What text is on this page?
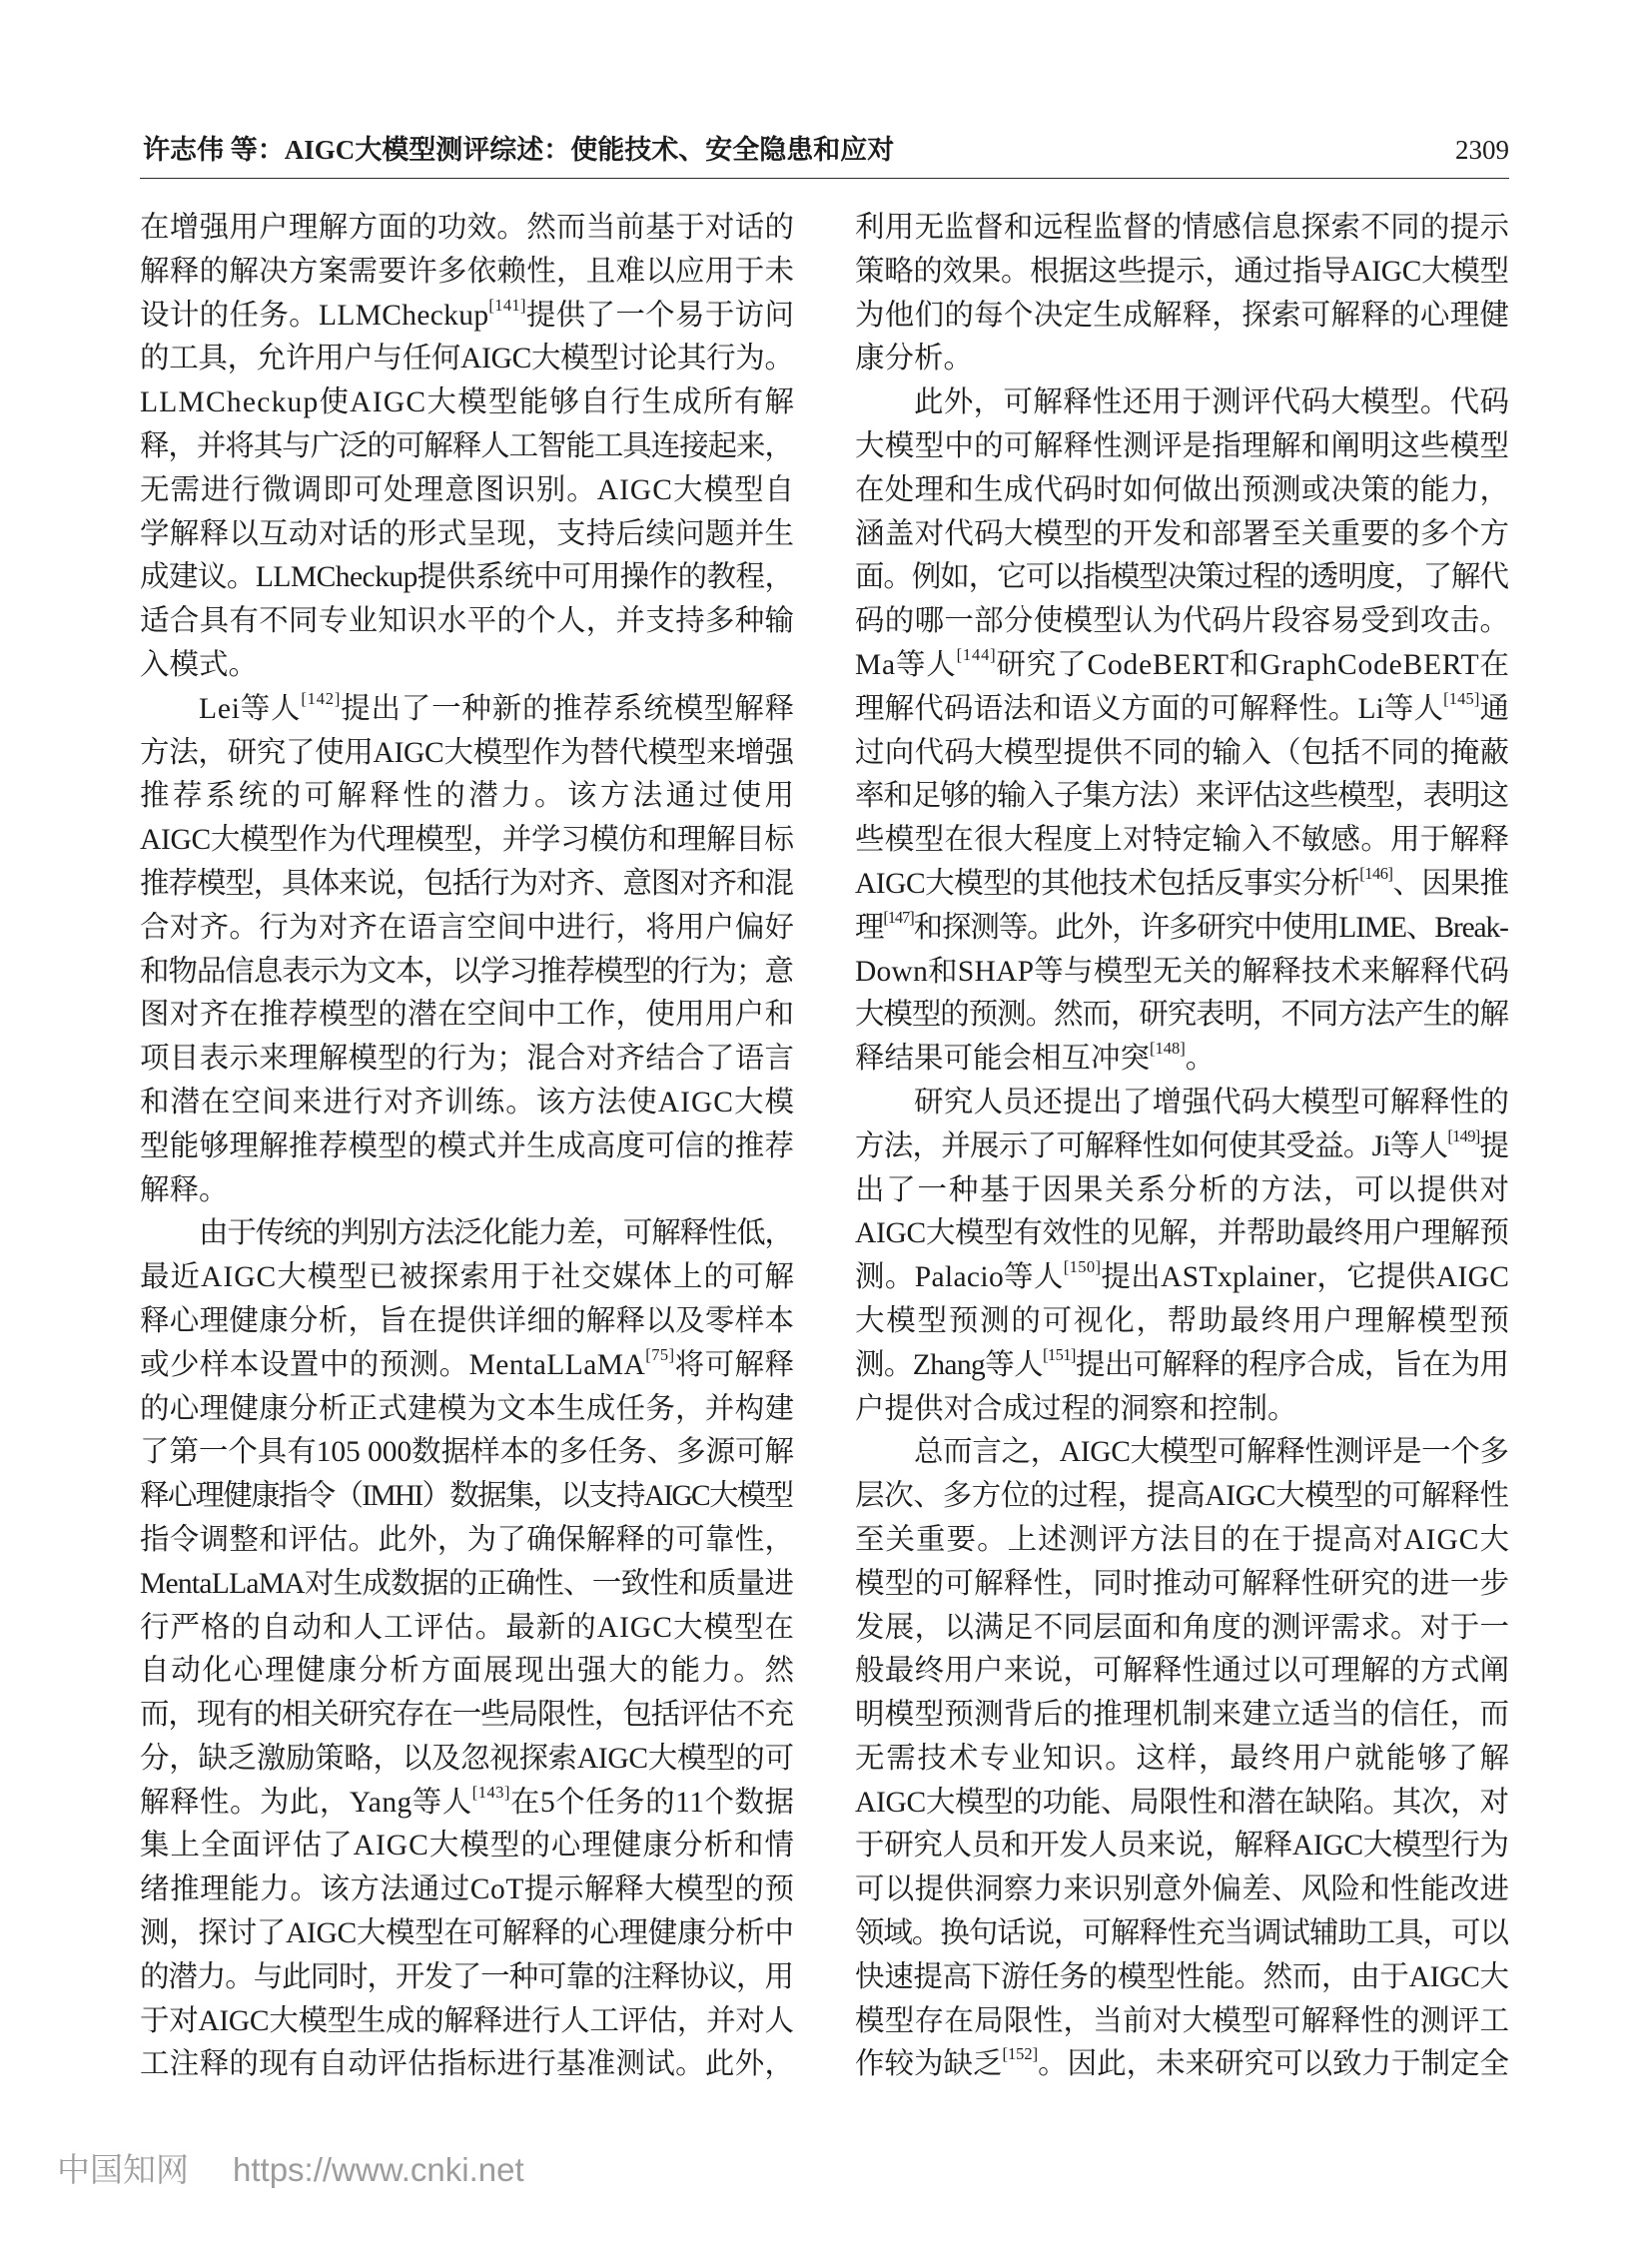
许志伟 等：AIGC大模型测评综述：使能技术、安全隐患和应对	2309
在增强用户理解方面的功效。然而当前基于对话的
解释的解决方案需要许多依赖性，且难以应用于未
设计的任务。LLMCheckup[141]提供了一个易于访问
的工具，允许用户与任何AIGC大模型讨论其行为。
LLMCheckup使AIGC大模型能够自行生成所有解
释，并将其与广泛的可解释人工智能工具连接起来，
无需进行微调即可处理意图识别。AIGC大模型自
学解释以互动对话的形式呈现，支持后续问题并生
成建议。LLMCheckup提供系统中可用操作的教程，
适合具有不同专业知识水平的个人，并支持多种输
入模式。
Lei等人[142]提出了一种新的推荐系统模型解释
方法，研究了使用AIGC大模型作为替代模型来增强
推荐系统的可解释性的潜力。该方法通过使用
AIGC大模型作为代理模型，并学习模仿和理解目标
推荐模型，具体来说，包括行为对齐、意图对齐和混
合对齐。行为对齐在语言空间中进行，将用户偏好
和物品信息表示为文本，以学习推荐模型的行为；意
图对齐在推荐模型的潜在空间中工作，使用用户和
项目表示来理解模型的行为；混合对齐结合了语言
和潜在空间来进行对齐训练。该方法使AIGC大模
型能够理解推荐模型的模式并生成高度可信的推荐
解释。
由于传统的判别方法泛化能力差，可解释性低，
最近AIGC大模型已被探索用于社交媒体上的可解
释心理健康分析，旨在提供详细的解释以及零样本
或少样本设置中的预测。MentaLLaMA[75]将可解释
的心理健康分析正式建模为文本生成任务，并构建
了第一个具有105 000数据样本的多任务、多源可解
释心理健康指令（IMHI）数据集，以支持AIGC大模型
指令调整和评估。此外，为了确保解释的可靠性，
MentaLLaMA对生成数据的正确性、一致性和质量进
行严格的自动和人工评估。最新的AIGC大模型在
自动化心理健康分析方面展现出强大的能力。然
而，现有的相关研究存在一些局限性，包括评估不充
分，缺乏激励策略，以及忽视探索AIGC大模型的可
解释性。为此，Yang等人[143]在5个任务的11个数据
集上全面评估了AIGC大模型的心理健康分析和情
绪推理能力。该方法通过CoT提示解释大模型的预
测，探讨了AIGC大模型在可解释的心理健康分析中
的潜力。与此同时，开发了一种可靠的注释协议，用
于对AIGC大模型生成的解释进行人工评估，并对人
工注释的现有自动评估指标进行基准测试。此外，
利用无监督和远程监督的情感信息探索不同的提示
策略的效果。根据这些提示，通过指导AIGC大模型
为他们的每个决定生成解释，探索可解释的心理健
康分析。
此外，可解释性还用于测评代码大模型。代码
大模型中的可解释性测评是指理解和阐明这些模型
在处理和生成代码时如何做出预测或决策的能力，
涵盖对代码大模型的开发和部署至关重要的多个方
面。例如，它可以指模型决策过程的透明度，了解代
码的哪一部分使模型认为代码片段容易受到攻击。
Ma等人[144]研究了CodeBERT和GraphCodeBERT在
理解代码语法和语义方面的可解释性。Li等人[145]通
过向代码大模型提供不同的输入（包括不同的掩蔽
率和足够的输入子集方法）来评估这些模型，表明这
些模型在很大程度上对特定输入不敏感。用于解释
AIGC大模型的其他技术包括反事实分析[146]、因果推
理[147]和探测等。此外，许多研究中使用LIME、Break-
Down和SHAP等与模型无关的解释技术来解释代码
大模型的预测。然而，研究表明，不同方法产生的解
释结果可能会相互冲突[148]。
研究人员还提出了增强代码大模型可解释性的
方法，并展示了可解释性如何使其受益。Ji等人[149]提
出了一种基于因果关系分析的方法，可以提供对
AIGC大模型有效性的见解，并帮助最终用户理解预
测。Palacio等人[150]提出ASTxplainer，它提供AIGC
大模型预测的可视化，帮助最终用户理解模型预
测。Zhang等人[151]提出可解释的程序合成，旨在为用
户提供对合成过程的洞察和控制。
总而言之，AIGC大模型可解释性测评是一个多
层次、多方位的过程，提高AIGC大模型的可解释性
至关重要。上述测评方法目的在于提高对AIGC大
模型的可解释性，同时推动可解释性研究的进一步
发展，以满足不同层面和角度的测评需求。对于一
般最终用户来说，可解释性通过以可理解的方式阐
明模型预测背后的推理机制来建立适当的信任，而
无需技术专业知识。这样，最终用户就能够了解
AIGC大模型的功能、局限性和潜在缺陷。其次，对
于研究人员和开发人员来说，解释AIGC大模型行为
可以提供洞察力来识别意外偏差、风险和性能改进
领域。换句话说，可解释性充当调试辅助工具，可以
快速提高下游任务的模型性能。然而，由于AIGC大
模型存在局限性，当前对大模型可解释性的测评工
作较为缺乏[152]。因此，未来研究可以致力于制定全
中国知网 https://www.cnki.net
